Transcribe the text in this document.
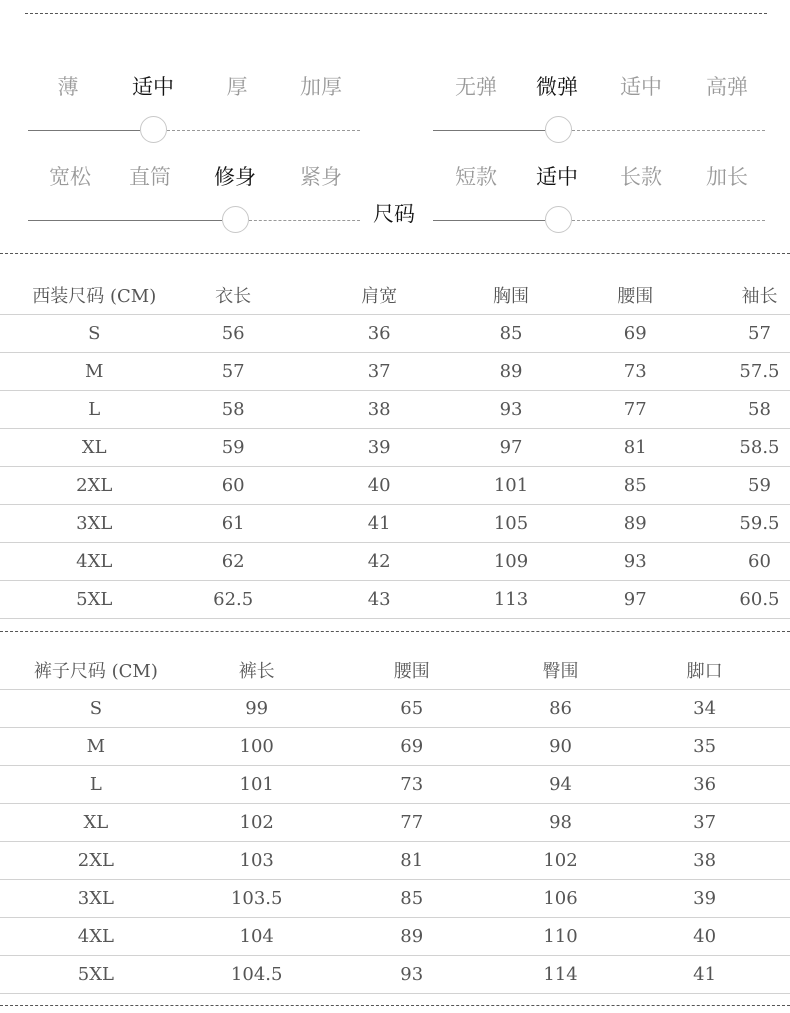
薄	适中	厚	加厚	无弹	微弹	适中	高弹
宽松	直筒	修身	紧身	短款	适中	长款	加长
尺码
西装尺码 (CM)	衣长	肩宽	胸围	腰围	袖长
S	56	36	85	69	57
M	57	37	89	73	57.5
L	58	38	93	77	58
XL	59	39	97	81	58.5
2XL	60	40	101	85	59
3XL	61	41	105	89	59.5
4XL	62	42	109	93	60
5XL	62.5	43	113	97	60.5
裤子尺码 (CM)	裤长	腰围	臀围	脚口
S	99	65	86	34
M	100	69	90	35
L	101	73	94	36
XL	102	77	98	37
2XL	103	81	102	38
3XL	103.5	85	106	39
4XL	104	89	110	40
5XL	104.5	93	114	41
